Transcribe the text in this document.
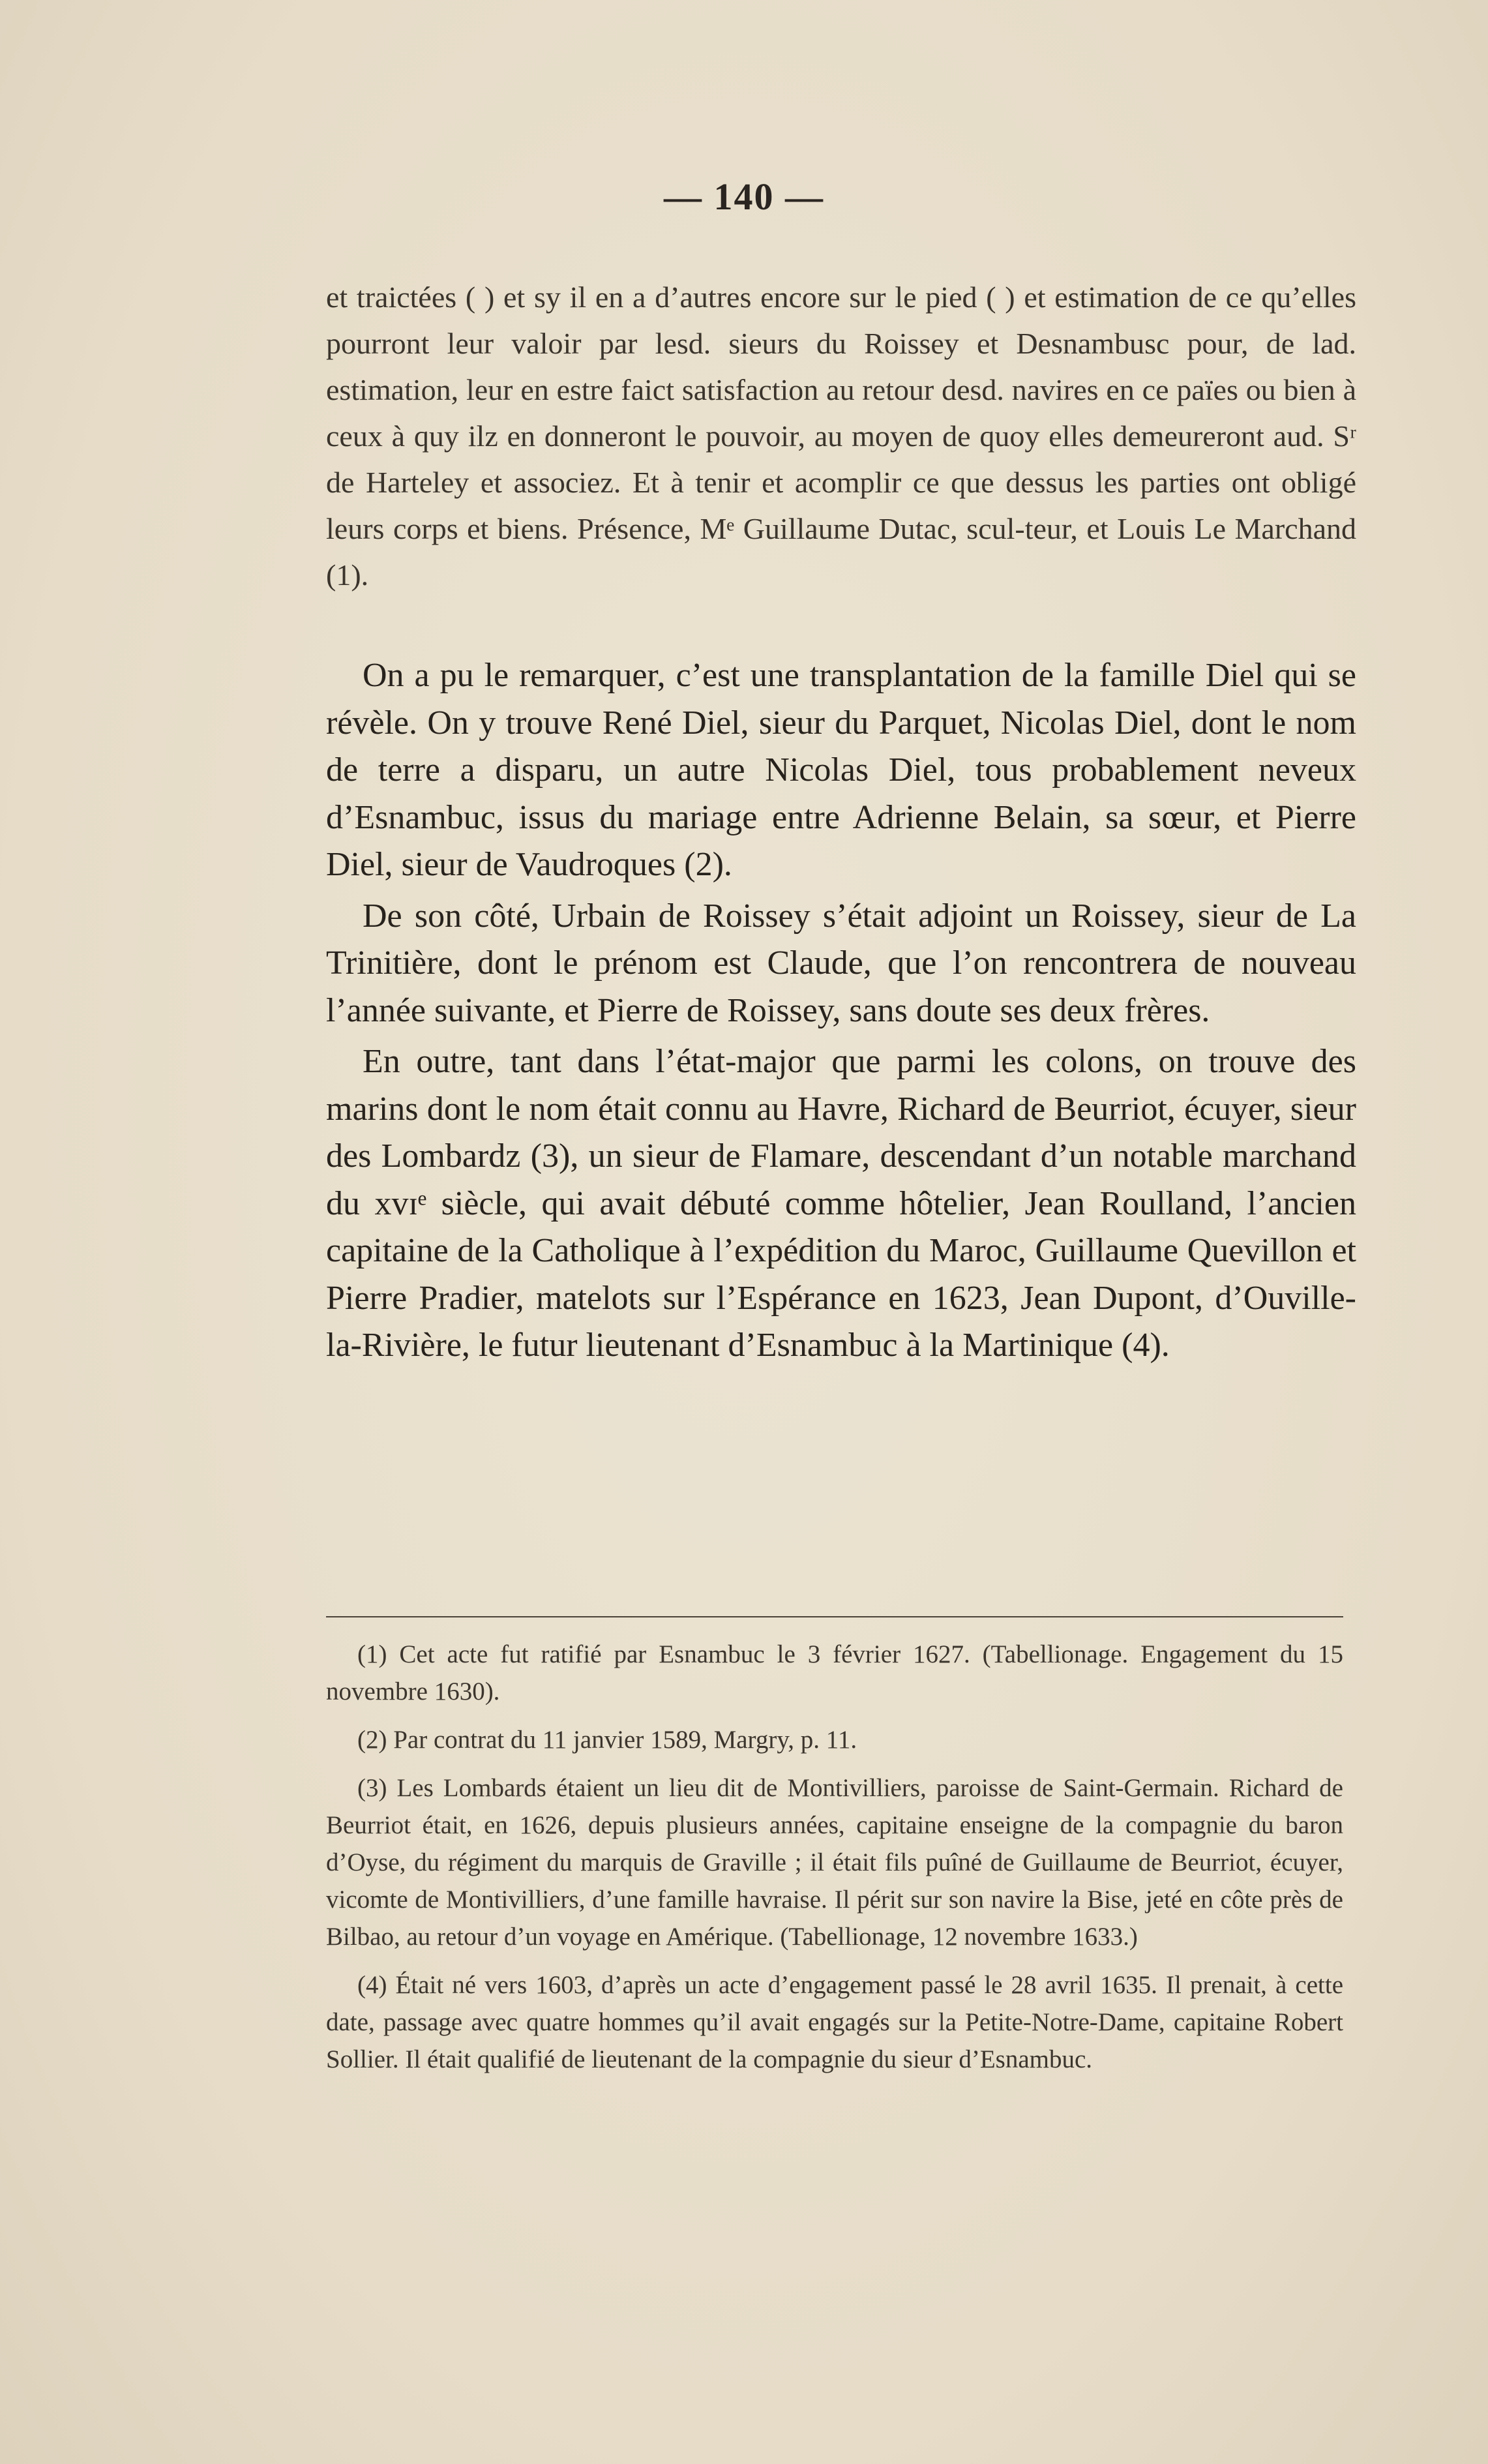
— 140 —

et traictées ( ) et sy il en a d’autres encore sur le pied ( ) et estimation de ce qu’elles pourront leur valoir par lesd. sieurs du Roissey et Desnambusc pour, de lad. estimation, leur en estre faict satisfaction au retour desd. navires en ce païes ou bien à ceux à quy ilz en donneront le pouvoir, au moyen de quoy elles demeureront aud. Sʳ de Harteley et associez. Et à tenir et acomplir ce que dessus les parties ont obligé leurs corps et biens. Présence, Mᵉ Guillaume Dutac, scul-teur, et Louis Le Marchand (1).

On a pu le remarquer, c’est une transplantation de la famille Diel qui se révèle. On y trouve René Diel, sieur du Parquet, Nicolas Diel, dont le nom de terre a disparu, un autre Nicolas Diel, tous probablement neveux d’Esnambuc, issus du mariage entre Adrienne Belain, sa sœur, et Pierre Diel, sieur de Vaudroques (2).

De son côté, Urbain de Roissey s’était adjoint un Roissey, sieur de La Trinitière, dont le prénom est Claude, que l’on rencontrera de nouveau l’année suivante, et Pierre de Roissey, sans doute ses deux frères.

En outre, tant dans l’état-major que parmi les colons, on trouve des marins dont le nom était connu au Havre, Richard de Beurriot, écuyer, sieur des Lombardz (3), un sieur de Flamare, descendant d’un notable marchand du xvɪᵉ siècle, qui avait débuté comme hôtelier, Jean Roulland, l’ancien capitaine de la Catholique à l’expédition du Maroc, Guillaume Quevillon et Pierre Pradier, matelots sur l’Espérance en 1623, Jean Dupont, d’Ouville-la-Rivière, le futur lieutenant d’Esnambuc à la Martinique (4).

(1) Cet acte fut ratifié par Esnambuc le 3 février 1627. (Tabellionage. Engagement du 15 novembre 1630).

(2) Par contrat du 11 janvier 1589, Margry, p. 11.

(3) Les Lombards étaient un lieu dit de Montivilliers, paroisse de Saint-Germain. Richard de Beurriot était, en 1626, depuis plusieurs années, capitaine enseigne de la compagnie du baron d’Oyse, du régiment du marquis de Graville ; il était fils puîné de Guillaume de Beurriot, écuyer, vicomte de Montivilliers, d’une famille havraise. Il périt sur son navire la Bise, jeté en côte près de Bilbao, au retour d’un voyage en Amérique. (Tabellionage, 12 novembre 1633.)

(4) Était né vers 1603, d’après un acte d’engagement passé le 28 avril 1635. Il prenait, à cette date, passage avec quatre hommes qu’il avait engagés sur la Petite-Notre-Dame, capitaine Robert Sollier. Il était qualifié de lieutenant de la compagnie du sieur d’Esnambuc.
